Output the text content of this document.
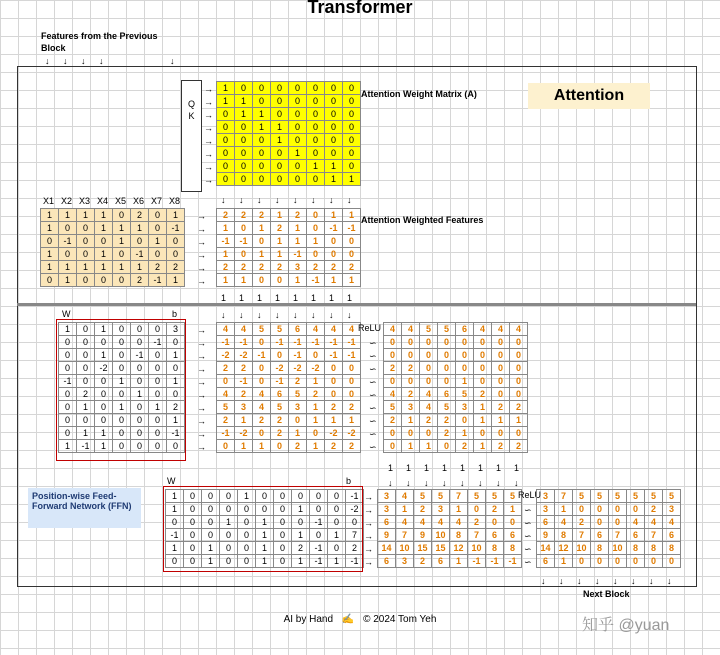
Transformer
Features from the Previous Block
Q
K
Attention
Attention Weight Matrix (A)
Attention Weighted Features
Position-wise Feed-Forward Network (FFN)
Next Block
AI by Hand ✍ © 2024 Tom Yeh	知乎 @yuan
↓ ↓ ↓ ↓	↓
→
→
→
→
→
→
→
→
1	0	0	0	0	0	0	0
1	1	0	0	0	0	0	0
0	1	1	0	0	0	0	0
0	0	1	1	0	0	0	0
0	0	0	1	0	0	0	0
0	0	0	0	1	0	0	0
0	0	0	0	0	1	1	0
0	0	0	0	0	0	1	1
↓ ↓ ↓ ↓ ↓ ↓ ↓ ↓
X1 X2 X3 X4 X5 X6 X7 X8
1	1	1	1	0	2	0	1
1	0	0	1	1	1	0	-1
0	-1	0	0	1	0	1	0
1	0	0	1	0	-1	0	0
1	1	1	1	1	1	2	2
0	1	0	0	0	2	-1	1
→
→
→
→
→
→
2	2	2	1	2	0	1	1
1	0	1	2	1	0	-1	-1
-1	-1	0	1	1	1	0	0
1	0	1	1	-1	0	0	0
2	2	2	2	3	2	2	2
1	1	0	0	1	-1	1	1
1 1 1 1 1 1 1 1
W	b	↓ ↓ ↓ ↓ ↓ ↓ ↓ ↓
1	0	1	0	0	0	3
0	0	0	0	0	-1	0
0	0	1	0	-1	0	1
0	0	-2	0	0	0	0
-1	0	0	1	0	0	1
0	2	0	0	1	0	0
0	1	0	1	0	1	2
0	0	0	0	0	0	1
0	1	1	0	0	0	-1
1	-1	1	0	0	0	0
→
→
→
→
→
→
→
→
→
→
4	4	5	5	6	4	4	4
-1	-1	0	-1	-1	-1	-1	-1
-2	-2	-1	0	-1	0	-1	-1
2	2	0	-2	-2	-2	0	0
0	-1	0	-1	2	1	0	0
4	2	4	6	5	2	0	0
5	3	4	5	3	1	2	2
2	1	2	2	0	1	1	1
-1	-2	0	2	1	0	-2	-2
0	1	1	0	2	1	2	2
ReLU
∽
∽
∽
∽
∽
∽
∽
∽
∽
4	4	5	5	6	4	4	4
0	0	0	0	0	0	0	0
0	0	0	0	0	0	0	0
2	2	0	0	0	0	0	0
0	0	0	0	1	0	0	0
4	2	4	6	5	2	0	0
5	3	4	5	3	1	2	2
2	1	2	2	0	1	1	1
0	0	0	2	1	0	0	0
0	1	1	0	2	1	2	2
1 1 1 1 1 1 1 1
↓ ↓ ↓ ↓ ↓ ↓ ↓ ↓
W	b
1	0	0	0	1	0	0	0	0	0	-1
1	0	0	0	0	0	0	1	0	0	-2
0	0	0	1	0	1	0	0	-1	0	0
-1	0	0	0	0	1	0	1	0	1	7
1	0	1	0	0	1	0	2	-1	0	2
0	0	1	0	0	1	0	1	-1	1	-1
→
→
→
→
→
→
3	4	5	5	7	5	5	5
3	1	2	3	1	0	2	1
6	4	4	4	4	2	0	0
9	7	9	10	8	7	6	6
14 10 15 15 12 10	8	8
6	3	2	6	1	-1	-1	-1
ReLU
∽
∽
∽
∽
∽
3	7	5	5	5	5	5	5
3	1	0	0	0	0	2	3
6	4	2	0	0	4	4	4
9	8	7	6	7	6	7	6
14 12 10	8	10	8	8	8
6	1	0	0	0	0	0	0
↓ ↓ ↓ ↓ ↓ ↓ ↓ ↓
